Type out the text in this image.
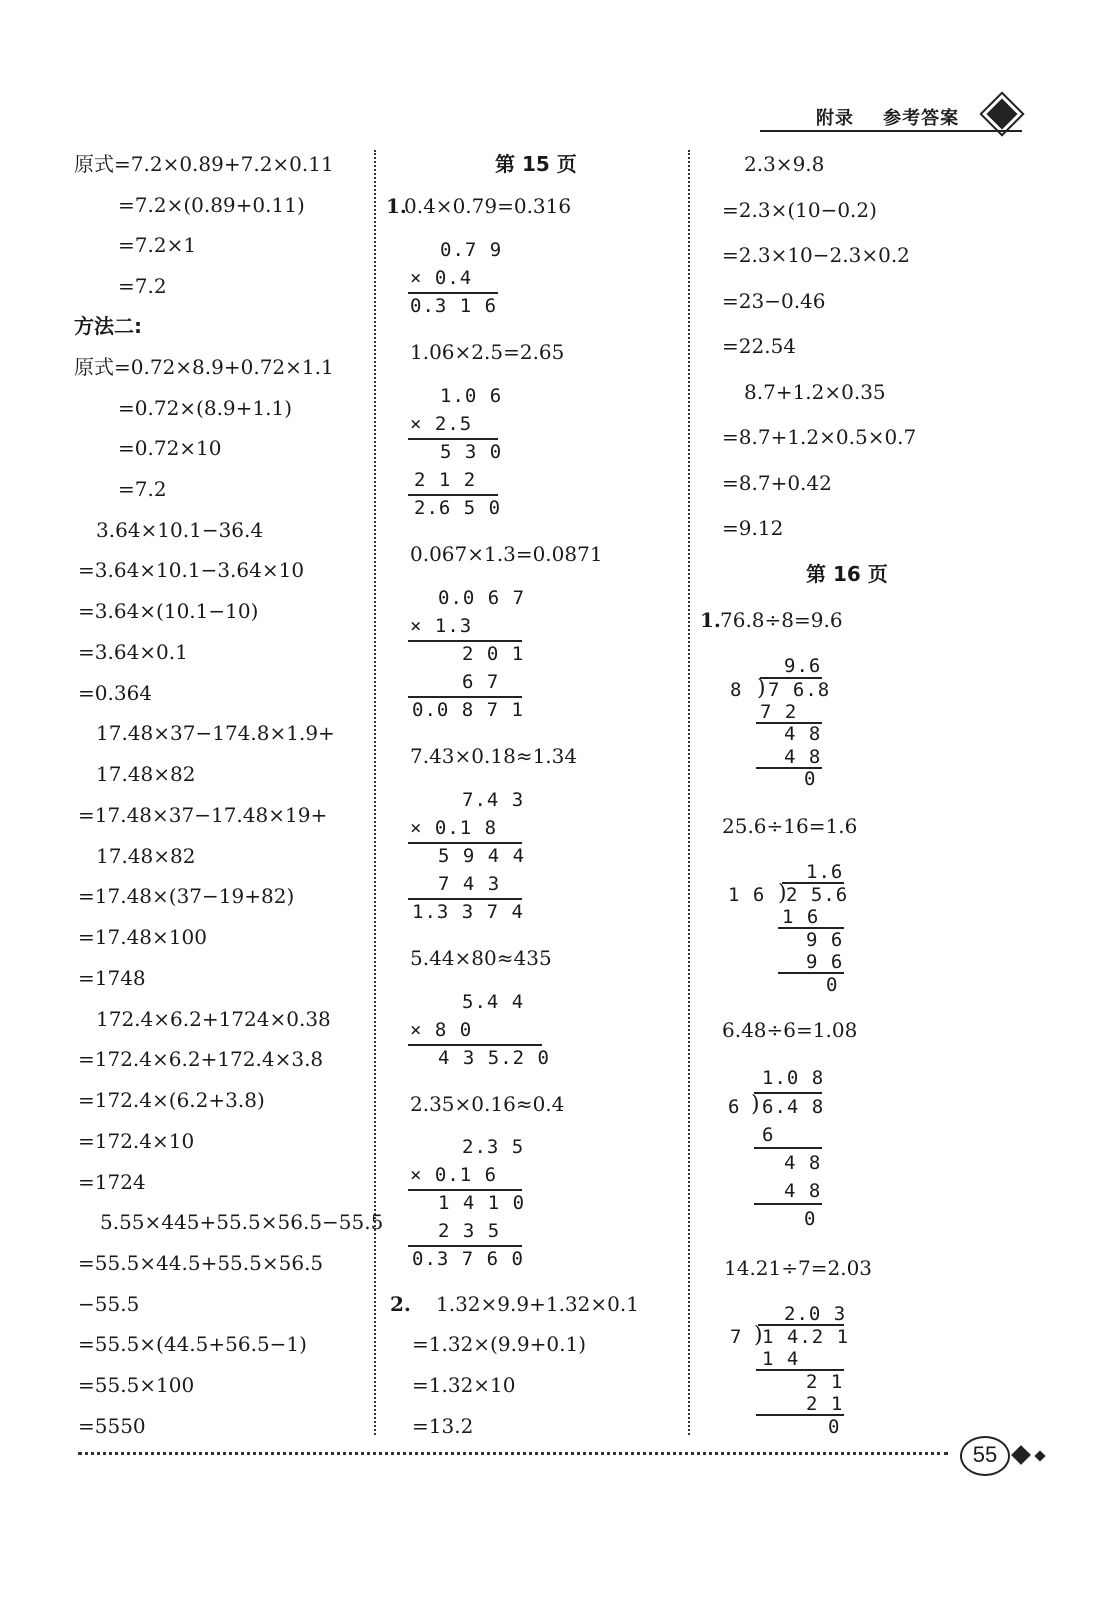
附录 参考答案
原式=7.2×0.89+7.2×0.11
=7.2×(0.89+0.11)
=7.2×1
=7.2
方法二:
原式=0.72×8.9+0.72×1.1
=0.72×(8.9+1.1)
=0.72×10
=7.2
3.64×10.1−36.4
=3.64×10.1−3.64×10
=3.64×(10.1−10)
=3.64×0.1
=0.364
17.48×37−174.8×1.9+
17.48×82
=17.48×37−17.48×19+
17.48×82
=17.48×(37−19+82)
=17.48×100
=1748
172.4×6.2+1724×0.38
=172.4×6.2+172.4×3.8
=172.4×(6.2+3.8)
=172.4×10
=1724
5.55×445+55.5×56.5−55.5
=55.5×44.5+55.5×56.5
−55.5
=55.5×(44.5+56.5−1)
=55.5×100
=5550
第 15 页
1.
0.4×0.79=0.316
0.7 9
× 0.4
0.3 1 6
1.06×2.5=2.65
1.0 6
× 2.5
5 3 0
2 1 2
2.6 5 0
0.067×1.3=0.0871
0.0 6 7
× 1.3
2 0 1
6 7
0.0 8 7 1
7.43×0.18≈1.34
7.4 3
× 0.1 8
5 9 4 4
7 4 3
1.3 3 7 4
5.44×80≈435
5.4 4
× 8 0
4 3 5.2 0
2.35×0.16≈0.4
2.3 5
× 0.1 6
1 4 1 0
2 3 5
0.3 7 6 0
2. 1.32×9.9+1.32×0.1
=1.32×(9.9+0.1)
=1.32×10
=13.2
2.3×9.8
=2.3×(10−0.2)
=2.3×10−2.3×0.2
=23−0.46
=22.54
8.7+1.2×0.35
=8.7+1.2×0.5×0.7
=8.7+0.42
=9.12
第 16 页
1. 76.8÷8=9.6
9.6
8 ) 7 6.8
7 2
4 8
4 8
0
25.6÷16=1.6
1.6
1 6 ) 2 5.6
1 6
9 6
9 6
0
6.48÷6=1.08
1.0 8
6 ) 6.4 8
6
4 8
4 8
0
14.21÷7=2.03
2.0 3
7 ) 1 4.2 1
1 4
2 1
2 1
0
55
